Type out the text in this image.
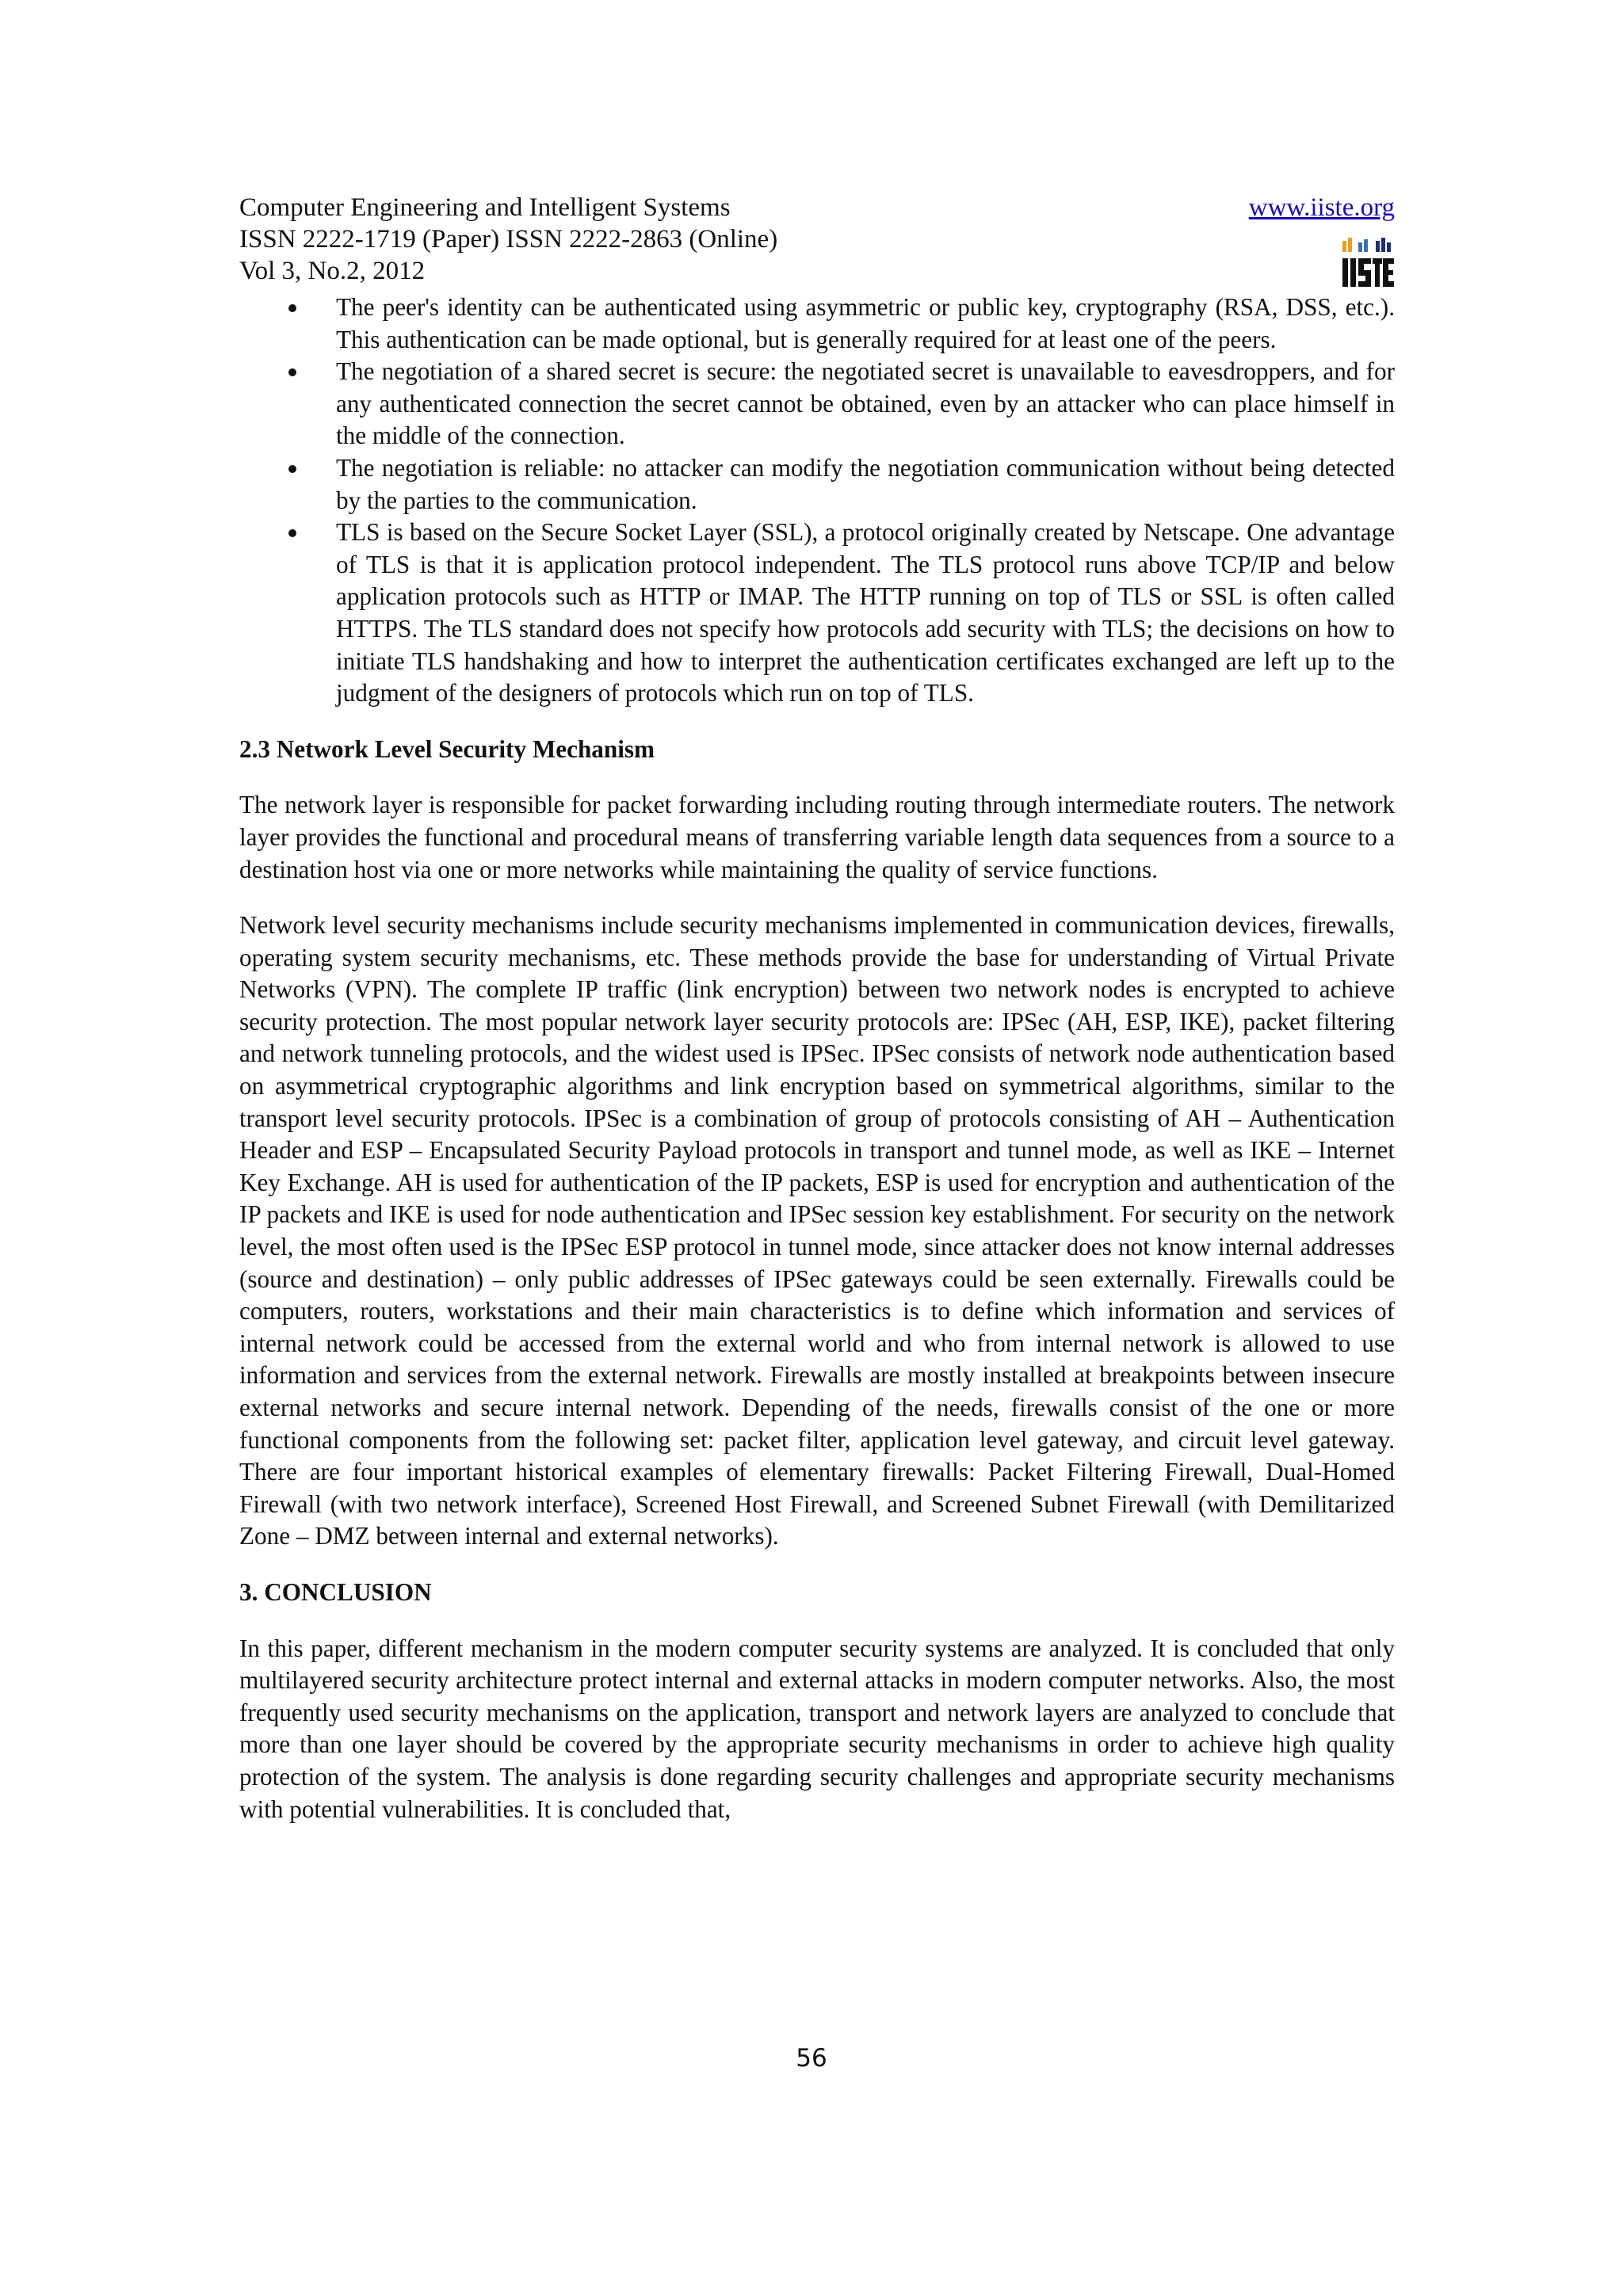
Computer Engineering and Intelligent Systems
ISSN 2222-1719 (Paper) ISSN 2222-2863 (Online)
Vol 3, No.2, 2012
www.iiste.org
The peer's identity can be authenticated using asymmetric or public key, cryptography (RSA, DSS, etc.). This authentication can be made optional, but is generally required for at least one of the peers.
The negotiation of a shared secret is secure: the negotiated secret is unavailable to eavesdroppers, and for any authenticated connection the secret cannot be obtained, even by an attacker who can place himself in the middle of the connection.
The negotiation is reliable: no attacker can modify the negotiation communication without being detected by the parties to the communication.
TLS is based on the Secure Socket Layer (SSL), a protocol originally created by Netscape. One advantage of TLS is that it is application protocol independent. The TLS protocol runs above TCP/IP and below application protocols such as HTTP or IMAP. The HTTP running on top of TLS or SSL is often called HTTPS. The TLS standard does not specify how protocols add security with TLS; the decisions on how to initiate TLS handshaking and how to interpret the authentication certificates exchanged are left up to the judgment of the designers of protocols which run on top of TLS.
2.3 Network Level Security Mechanism

The network layer is responsible for packet forwarding including routing through intermediate routers. The network layer provides the functional and procedural means of transferring variable length data sequences from a source to a destination host via one or more networks while maintaining the quality of service functions.

Network level security mechanisms include security mechanisms implemented in communication devices, firewalls, operating system security mechanisms, etc. These methods provide the base for understanding of Virtual Private Networks (VPN). The complete IP traffic (link encryption) between two network nodes is encrypted to achieve security protection. The most popular network layer security protocols are: IPSec (AH, ESP, IKE), packet filtering and network tunneling protocols, and the widest used is IPSec. IPSec consists of network node authentication based on asymmetrical cryptographic algorithms and link encryption based on symmetrical algorithms, similar to the transport level security protocols. IPSec is a combination of group of protocols consisting of AH – Authentication Header and ESP – Encapsulated Security Payload protocols in transport and tunnel mode, as well as IKE – Internet Key Exchange. AH is used for authentication of the IP packets, ESP is used for encryption and authentication of the IP packets and IKE is used for node authentication and IPSec session key establishment. For security on the network level, the most often used is the IPSec ESP protocol in tunnel mode, since attacker does not know internal addresses (source and destination) – only public addresses of IPSec gateways could be seen externally. Firewalls could be computers, routers, workstations and their main characteristics is to define which information and services of internal network could be accessed from the external world and who from internal network is allowed to use information and services from the external network. Firewalls are mostly installed at breakpoints between insecure external networks and secure internal network. Depending of the needs, firewalls consist of the one or more functional components from the following set: packet filter, application level gateway, and circuit level gateway. There are four important historical examples of elementary firewalls: Packet Filtering Firewall, Dual-Homed Firewall (with two network interface), Screened Host Firewall, and Screened Subnet Firewall (with Demilitarized Zone – DMZ between internal and external networks).

3. CONCLUSION

In this paper, different mechanism in the modern computer security systems are analyzed. It is concluded that only multilayered security architecture protect internal and external attacks in modern computer networks. Also, the most frequently used security mechanisms on the application, transport and network layers are analyzed to conclude that more than one layer should be covered by the appropriate security mechanisms in order to achieve high quality protection of the system. The analysis is done regarding security challenges and appropriate security mechanisms with potential vulnerabilities. It is concluded that,

56
